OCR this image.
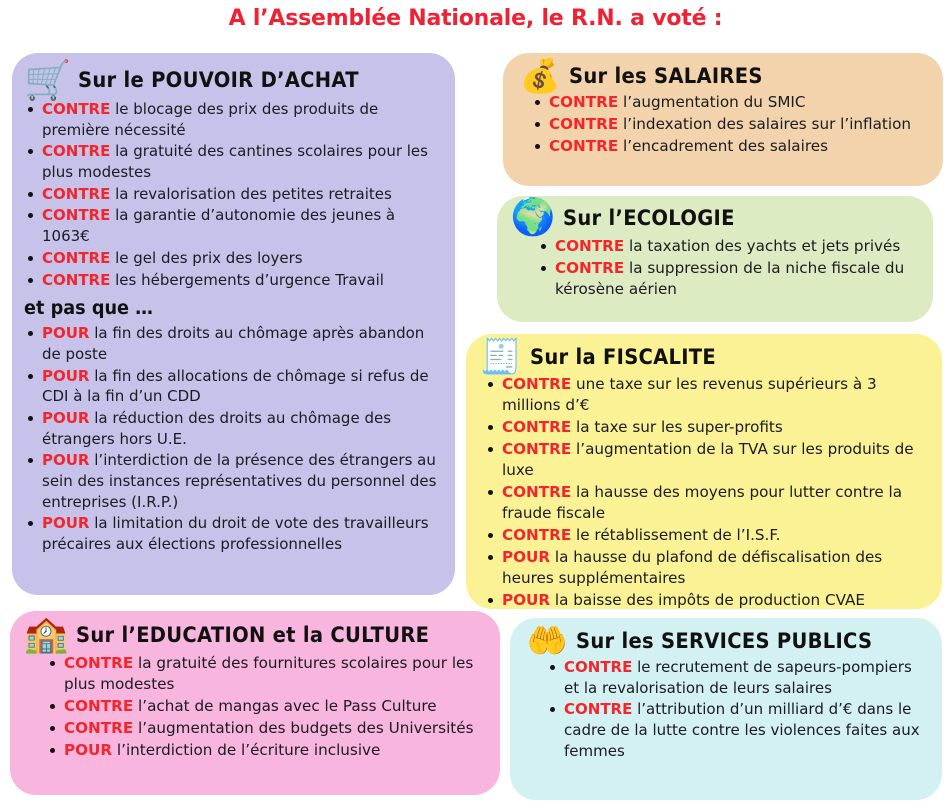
A l’Assemblée Nationale, le R.N. a voté :
🛒 Sur le POUVOIR D’ACHAT
CONTRE le blocage des prix des produits de première nécessité
CONTRE la gratuité des cantines scolaires pour les plus modestes
CONTRE la revalorisation des petites retraites
CONTRE la garantie d’autonomie des jeunes à 1063€
CONTRE le gel des prix des loyers
CONTRE les hébergements d’urgence Travail
et pas que …
POUR la fin des droits au chômage après abandon de poste
POUR la fin des allocations de chômage si refus de CDI à la fin d’un CDD
POUR la réduction des droits au chômage des étrangers hors U.E.
POUR l’interdiction de la présence des étrangers au sein des instances représentatives du personnel des entreprises (I.R.P.)
POUR la limitation du droit de vote des travailleurs précaires aux élections professionnelles
💰 Sur les SALAIRES
CONTRE l’augmentation du SMIC
CONTRE l’indexation des salaires sur l’inflation
CONTRE l’encadrement des salaires
🌍 Sur l’ECOLOGIE
CONTRE la taxation des yachts et jets privés
CONTRE la suppression de la niche fiscale du kérosène aérien
🧾 Sur la FISCALITE
CONTRE une taxe sur les revenus supérieurs à 3 millions d’€
CONTRE la taxe sur les super-profits
CONTRE l’augmentation de la TVA sur les produits de luxe
CONTRE la hausse des moyens pour lutter contre la fraude fiscale
CONTRE le rétablissement de l’I.S.F.
POUR la hausse du plafond de défiscalisation des heures supplémentaires
POUR la baisse des impôts de production CVAE
🏫 Sur l’EDUCATION et la CULTURE
CONTRE la gratuité des fournitures scolaires pour les plus modestes
CONTRE l’achat de mangas avec le Pass Culture
CONTRE l’augmentation des budgets des Universités
POUR l’interdiction de l’écriture inclusive
🤲 Sur les SERVICES PUBLICS
CONTRE le recrutement de sapeurs-pompiers et la revalorisation de leurs salaires
CONTRE l’attribution d’un milliard d’€ dans le cadre de la lutte contre les violences faites aux femmes
